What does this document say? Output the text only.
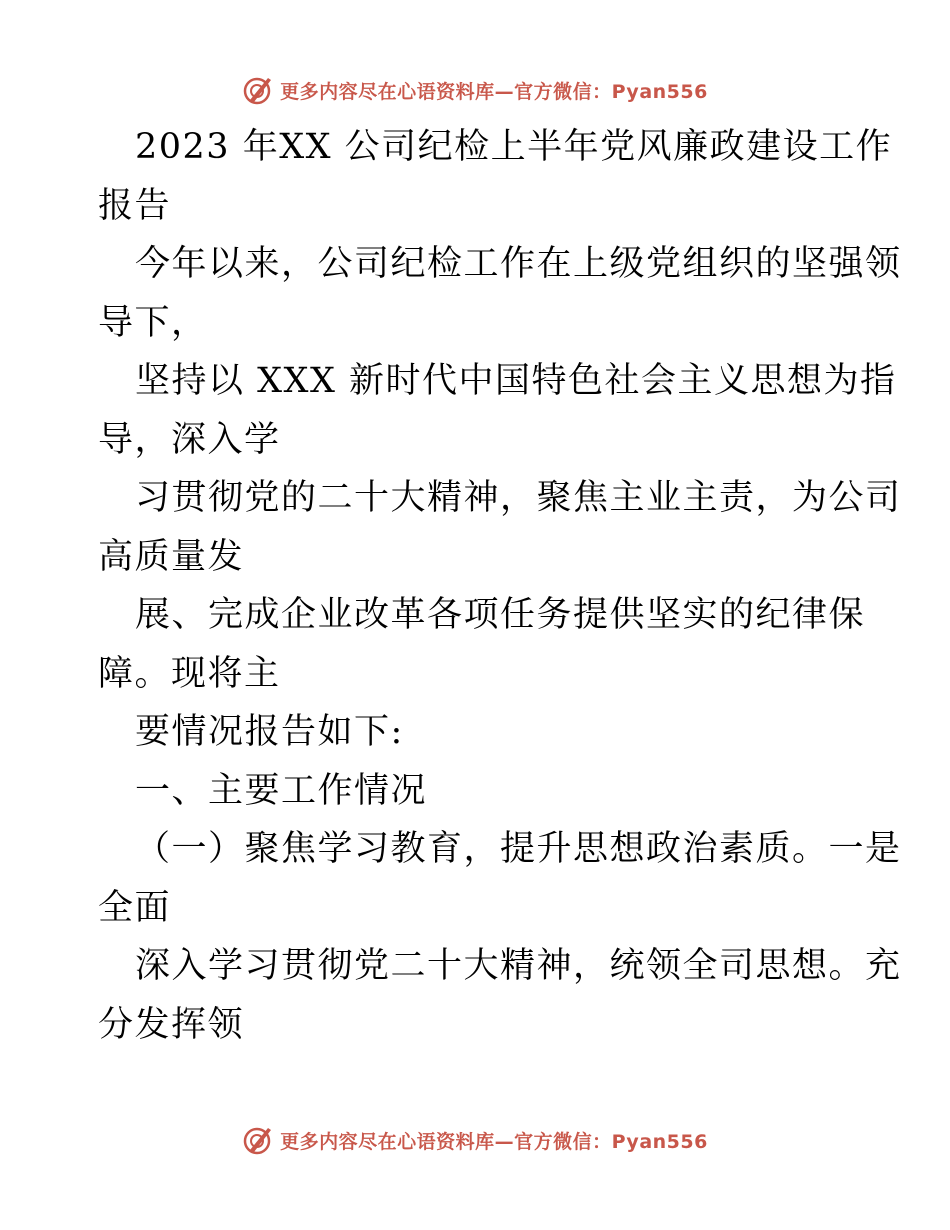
更多内容尽在心语资料库—官方微信：Pyan556
2023 年XX 公司纪检上半年党风廉政建设工作
报告
今年以来，公司纪检工作在上级党组织的坚强领
导下，
坚持以 XXX 新时代中国特色社会主义思想为指
导，深入学
习贯彻党的二十大精神，聚焦主业主责，为公司
高质量发
展、完成企业改革各项任务提供坚实的纪律保
障。现将主
要情况报告如下:
一、主要工作情况
（一）聚焦学习教育，提升思想政治素质。一是
全面
深入学习贯彻党二十大精神，统领全司思想。充
分发挥领
更多内容尽在心语资料库—官方微信：Pyan556
